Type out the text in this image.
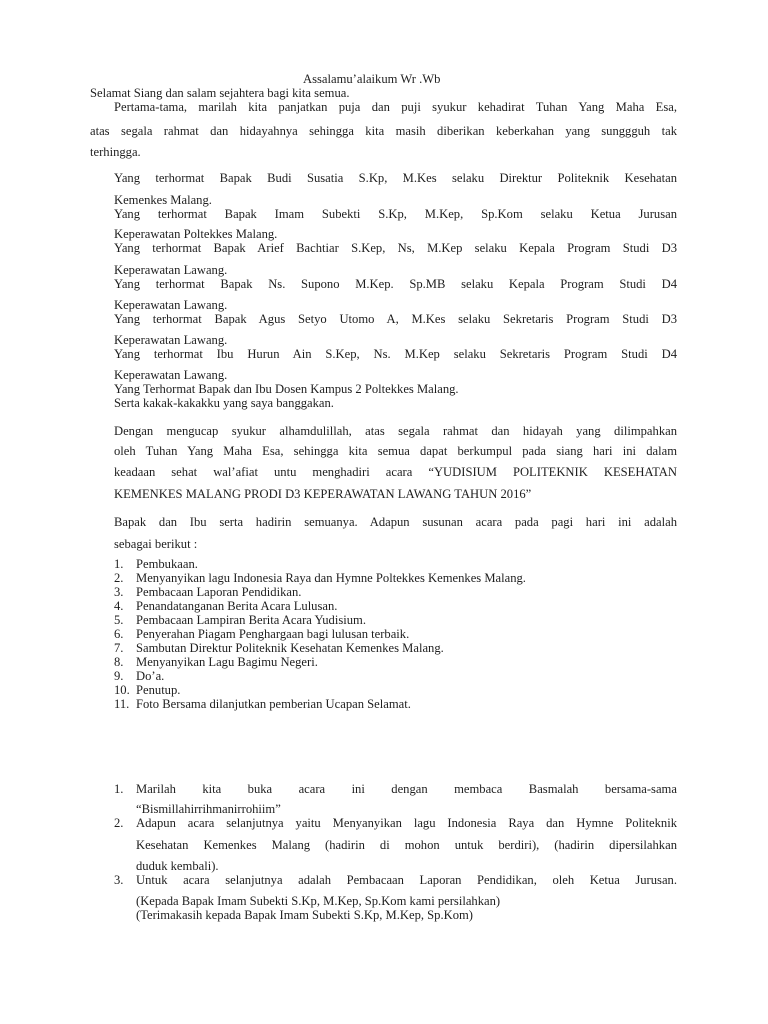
Assalamu’alaikum Wr .Wb
Selamat Siang dan salam sejahtera bagi kita semua.
Pertama-tama, marilah kita panjatkan puja dan puji syukur kehadirat Tuhan Yang Maha Esa,
atas segala rahmat dan hidayahnya sehingga kita masih diberikan keberkahan yang sunggguh tak
terhingga.
Yang terhormat Bapak Budi Susatia S.Kp, M.Kes selaku Direktur Politeknik Kesehatan
Kemenkes Malang.
Yang terhormat Bapak Imam Subekti S.Kp, M.Kep, Sp.Kom selaku Ketua Jurusan
Keperawatan Poltekkes Malang.
Yang terhormat Bapak Arief Bachtiar S.Kep, Ns, M.Kep selaku Kepala Program Studi D3
Keperawatan Lawang.
Yang terhormat Bapak Ns. Supono M.Kep. Sp.MB selaku Kepala Program Studi D4
Keperawatan Lawang.
Yang terhormat Bapak Agus Setyo Utomo A, M.Kes selaku Sekretaris Program Studi D3
Keperawatan Lawang.
Yang terhormat Ibu Hurun Ain S.Kep, Ns. M.Kep selaku Sekretaris Program Studi D4
Keperawatan Lawang.
Yang Terhormat Bapak dan Ibu Dosen Kampus 2 Poltekkes Malang.
Serta kakak-kakakku yang saya banggakan.
Dengan mengucap syukur alhamdulillah, atas segala rahmat dan hidayah yang dilimpahkan
oleh Tuhan Yang Maha Esa, sehingga kita semua dapat berkumpul pada siang hari ini dalam
keadaan sehat wal’afiat untu menghadiri acara “YUDISIUM POLITEKNIK KESEHATAN
KEMENKES MALANG PRODI D3 KEPERAWATAN LAWANG TAHUN 2016”
Bapak dan Ibu serta hadirin semuanya. Adapun susunan acara pada pagi hari ini adalah
sebagai berikut :
1. Pembukaan.
2. Menyanyikan lagu Indonesia Raya dan Hymne Poltekkes Kemenkes Malang.
3. Pembacaan Laporan Pendidikan.
4. Penandatanganan Berita Acara Lulusan.
5. Pembacaan Lampiran Berita Acara Yudisium.
6. Penyerahan Piagam Penghargaan bagi lulusan terbaik.
7. Sambutan Direktur Politeknik Kesehatan Kemenkes Malang.
8. Menyanyikan Lagu Bagimu Negeri.
9. Do’a.
10. Penutup.
11. Foto Bersama dilanjutkan pemberian Ucapan Selamat.
1. Marilah kita buka acara ini dengan membaca Basmalah bersama-sama
“Bismillahirrihmanirrohiim”
2. Adapun acara selanjutnya yaitu Menyanyikan lagu Indonesia Raya dan Hymne Politeknik
Kesehatan Kemenkes Malang (hadirin di mohon untuk berdiri), (hadirin dipersilahkan
duduk kembali).
3. Untuk acara selanjutnya adalah Pembacaan Laporan Pendidikan, oleh Ketua Jurusan.
(Kepada Bapak Imam Subekti S.Kp, M.Kep, Sp.Kom kami persilahkan)
(Terimakasih kepada Bapak Imam Subekti S.Kp, M.Kep, Sp.Kom)
